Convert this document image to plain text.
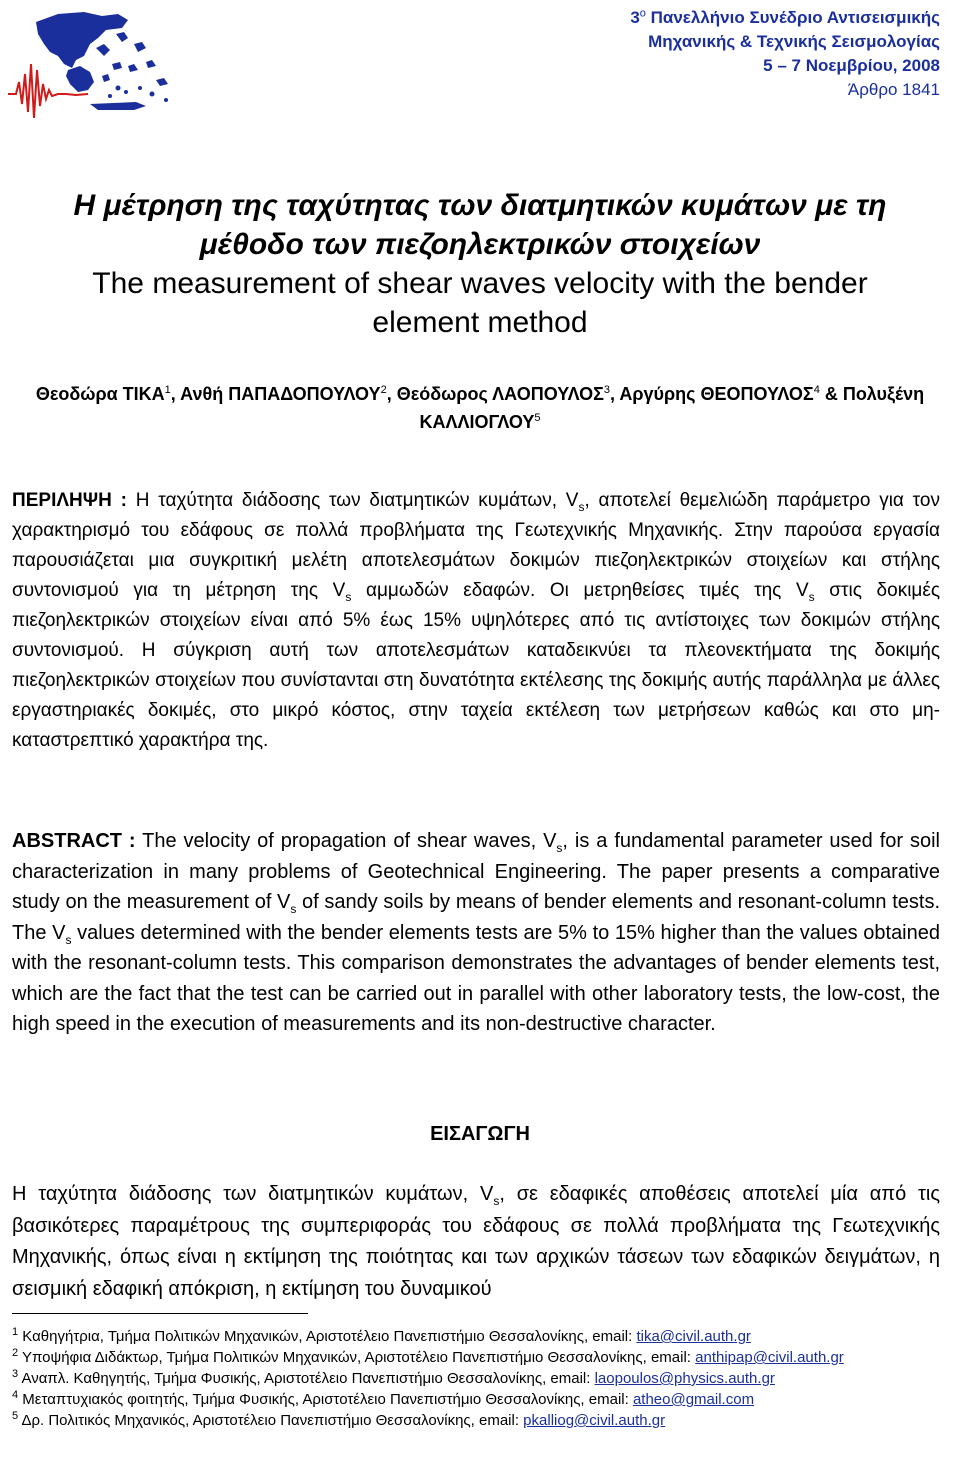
$3^o$ Πανελλήνιο Συνέδριο Αντισεισμικής
Μηχανικής & Τεχνικής Σεισμολογίας
5 – 7 Νοεμβρίου, 2008
Άρθρο 1841
Η μέτρηση της ταχύτητας των διατμητικών κυμάτων με τη
μέθοδο των πιεζοηλεκτρικών στοιχείων
The measurement of shear waves velocity with the bender
element method
Θεοδώρα ΤΙΚΑ$^1$, Ανθή ΠΑΠΑΔΟΠΟΥΛΟΥ$^2$, Θεόδωρος ΛΑΟΠΟΥΛΟΣ$^3$, Αργύρης ΘΕΟΠΟΥΛΟΣ$^4$ & Πολυξένη ΚΑΛΛΙΟΓΛΟΥ$^5$
ΠΕΡΙΛΗΨΗ : Η ταχύτητα διάδοσης των διατμητικών κυμάτων, $V_s$, αποτελεί θεμελιώδη παράμετρο για τον χαρακτηρισμό του εδάφους σε πολλά προβλήματα της Γεωτεχνικής Μηχανικής. Στην παρούσα εργασία παρουσιάζεται μια συγκριτική μελέτη αποτελεσμάτων δοκιμών πιεζοηλεκτρικών στοιχείων και στήλης συντονισμού για τη μέτρηση της $V_s$ αμμωδών εδαφών. Οι μετρηθείσες τιμές της $V_s$ στις δοκιμές πιεζοηλεκτρικών στοιχείων είναι από 5% έως 15% υψηλότερες από τις αντίστοιχες των δοκιμών στήλης συντονισμού. Η σύγκριση αυτή των αποτελεσμάτων καταδεικνύει τα πλεονεκτήματα της δοκιμής πιεζοηλεκτρικών στοιχείων που συνίστανται στη δυνατότητα εκτέλεσης της δοκιμής αυτής παράλληλα με άλλες εργαστηριακές δοκιμές, στο μικρό κόστος, στην ταχεία εκτέλεση των μετρήσεων καθώς και στο μη-καταστρεπτικό χαρακτήρα της.
ABSTRACT : The velocity of propagation of shear waves, $V_s$, is a fundamental parameter used for soil characterization in many problems of Geotechnical Engineering. The paper presents a comparative study on the measurement of $V_s$ of sandy soils by means of bender elements and resonant-column tests. The $V_s$ values determined with the bender elements tests are 5% to 15% higher than the values obtained with the resonant-column tests. This comparison demonstrates the advantages of bender elements test, which are the fact that the test can be carried out in parallel with other laboratory tests, the low-cost, the high speed in the execution of measurements and its non-destructive character.
ΕΙΣΑΓΩΓΗ
Η ταχύτητα διάδοσης των διατμητικών κυμάτων, $V_s$, σε εδαφικές αποθέσεις αποτελεί μία από τις βασικότερες παραμέτρους της συμπεριφοράς του εδάφους σε πολλά προβλήματα της Γεωτεχνικής Μηχανικής, όπως είναι η εκτίμηση της ποιότητας και των αρχικών τάσεων των εδαφικών δειγμάτων, η σεισμική εδαφική απόκριση, η εκτίμηση του δυναμικού
$^1$ Καθηγήτρια, Τμήμα Πολιτικών Μηχανικών, Αριστοτέλειο Πανεπιστήμιο Θεσσαλονίκης, email: tika@civil.auth.gr
$^2$ Υποψήφια Διδάκτωρ, Τμήμα Πολιτικών Μηχανικών, Αριστοτέλειο Πανεπιστήμιο Θεσσαλονίκης, email: anthipap@civil.auth.gr
$^3$ Αναπλ. Καθηγητής, Τμήμα Φυσικής, Αριστοτέλειο Πανεπιστήμιο Θεσσαλονίκης, email: laopoulos@physics.auth.gr
$^4$ Μεταπτυχιακός φοιτητής, Τμήμα Φυσικής, Αριστοτέλειο Πανεπιστήμιο Θεσσαλονίκης, email: atheo@gmail.com
$^5$ Δρ. Πολιτικός Μηχανικός, Αριστοτέλειο Πανεπιστήμιο Θεσσαλονίκης, email: pkalliog@civil.auth.gr
